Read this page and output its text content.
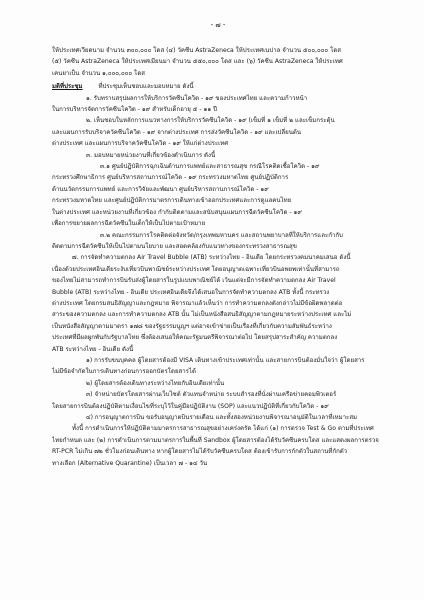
- ๗ -

ให้ประเทศเวียดนาม จำนวน ๓๐๐,๐๐๐ โดส (๔) วัคซีน AstraZeneca ให้ประเทศเนปาล จำนวน ๕๐๐,๐๐๐ โดส

(๕) วัคซีน AstraZeneca ให้ประเทศเมียนมา จำนวน ๕๕๐,๐๐๐ โดส และ (๖) วัคซีน AstraZeneca ให้ประเทศ

เคนยาเป็น จำนวน ๑,๐๐๐,๐๐๐ โดส

มติที่ประชุม	ที่ประชุมเห็นชอบและมอบหมาย ดังนี้

๑. รับทราบสรุปผลการให้บริการวัคซีนโควิด - ๑๙ ของประเทศไทย และความก้าวหน้า

ในการบริหารจัดการวัคซีนโควิด - ๑๙ สำหรับเด็กอายุ ๕ - ๑๑ ปี

๒. เห็นชอบในหลักการแนวทางการให้บริการวัคซีนโควิด - ๑๙ (เข็มที่ ๑ เข็มที่ ๒ และเข็มกระตุ้น

และแผนการรับบริจาควัคซีนโควิด - ๑๙ จากต่างประเทศ การส่งวัคซีนโควิด - ๑๙ และเปลี่ยนต้น

ต่างประเทศ และแผนการบริจาควัคซีนโควิด - ๑๙ ให้แก่ต่างประเทศ

๓. มอบหมายหน่วยงานที่เกี่ยวข้องดำเนินการ ดังนี้

๓.๑ ศูนย์ปฏิบัติการฉุกเฉินด้านการแพทย์และสาธารณสุข กรณีโรคติดเชื้อโควิด - ๑๙

กระทรวงศึกษาธิการ ศูนย์บริหารสถานการณ์โควิด - ๑๙ กระทรวงมหาดไทย ศูนย์ปฏิบัติการ

ด้านนวัตกรรมการแพทย์ และการวิจัยและพัฒนา ศูนย์บริหารสถานการณ์โควิด - ๑๙

กระทรวงมหาดไทย และศูนย์ปฏิบัติการมาตรการเดินทางเข้าออกประเทศและการดูแลคนไทย

ในต่างประเทศ และหน่วยงานที่เกี่ยวข้อง กำกับติดตามและสนับสนุนแผนการฉีดวัคซีนโควิด - ๑๙

เพื่อการขยายผลการฉีดวัคซีนในเด็กให้เป็นไปตามเป้าหมาย

๓.๒ คณะกรรมการโรคติดต่อจังหวัด/กรุงเทพมหานคร และสถานพยาบาลที่ให้บริการและกำกับ

ติดตามการฉีดวัคซีนให้เป็นไปตามนโยบาย และสอดคล้องกับแนวทางของกระทรวงสาธารณสุข

๗. การจัดทำความตกลง Air Travel Bubble (ATB) ระหว่างไทย - อินเดีย โดยกระทรวงคมนาคมเสนอ ดังนี้

เนื่องด้วยประเทศอินเดียระงับเที่ยวบินพาณิชย์ระหว่างประเทศ โดยอนุญาตเฉพาะเที่ยวบินอพยพเท่านั้นที่สามารถ

ของไทยไม่สามารถทำการบินรับส่งผู้โดยสารในรูปแบบพาณิชย์ได้ เว้นแต่จะมีการจัดทำความตกลง Air Travel

Bubble (ATB) ระหว่างไทย - อินเดีย ประเทศอินเดียจึงได้เสนอในการจัดทำความตกลง ATB ทั้งนี้ กระทรวง

ต่างประเทศ โดยกรมสนธิสัญญาและกฎหมาย พิจารณาแล้วเห็นว่า การทำความตกลงดังกล่าวไม่มีข้อผิดพลาดต่อ

สาระของความตกลง และการทำความตกลง ATB นั้น ไม่เป็นหนังสือสนธิสัญญาตามกฎหมายระหว่างประเทศ และไม่

เป็นหนังสือสัญญาตามมาตรา ๑๗๘ ของรัฐธรรมนูญฯ แต่อาจเข้าข่ายเป็นเรื่องที่เกี่ยวกับความสัมพันธ์ระหว่าง

ประเทศที่มีผลผูกพันกับรัฐบาลไทย ซึ่งต้องเสนอให้คณะรัฐมนตรีพิจารณาต่อไป โดยสรุปสาระสำคัญ ความตกลง

ATB ระหว่างไทย - อินเดีย ดังนี้

๑) การรับขนบุคคล ผู้โดยสารต้องมี VISA เดินทางเข้าประเทศเท่านั้น และสายการบินต้องมั่นใจว่า ผู้โดยสาร

ไม่มีข้อจำกัดในการเดินทางก่อนการออกบัตรโดยสารได้

๒) ผู้โดยสารต้องเดินทางระหว่างไทยกับอินเดียเท่านั้น

๓) จำหน่ายบัตรโดยสารผ่านเว็บไซต์ ตัวแทนจำหน่าย ระบบสำรองที่นั่งผ่านเครือข่ายคอมพิวเตอร์

โดยสายการบินต้องปฏิบัติตามเงื่อนไขที่ระบุไว้ในคู่มือปฏิบัติงาน (SOP) และแนวปฏิบัติที่เกี่ยวกับโควิด - ๑๙

๔) การอนุญาตการบิน ขอรับอนุญาตบินรายเดือน และทั้งสองหน่วยงานพิจารณาอนุมัติในเวลาที่เหมาะสม

ทั้งนี้ การดำเนินการให้ปฏิบัติตามมาตรการสาธารณสุขอย่างเคร่งครัด ได้แก่ (๑) การตรวจ Test & Go ตามที่ประเทศ

ไทยกำหนด และ (๒) การดำเนินการตามมาตรการในพื้นที่ Sandbox ผู้โดยสารต้องได้รับวัคซีนครบโดส และแสดงผลการตรวจ

RT-PCR ไม่เกิน ๗๒ ชั่วโมงก่อนเดินทาง หากผู้โดยสารไม่ได้รับวัคซีนครบโดส ต้องเข้ารับการกักตัวในสถานที่กักตัว

ทางเลือก (Alternative Quarantine) เป็นเวลา ๗ - ๑๔ วัน
